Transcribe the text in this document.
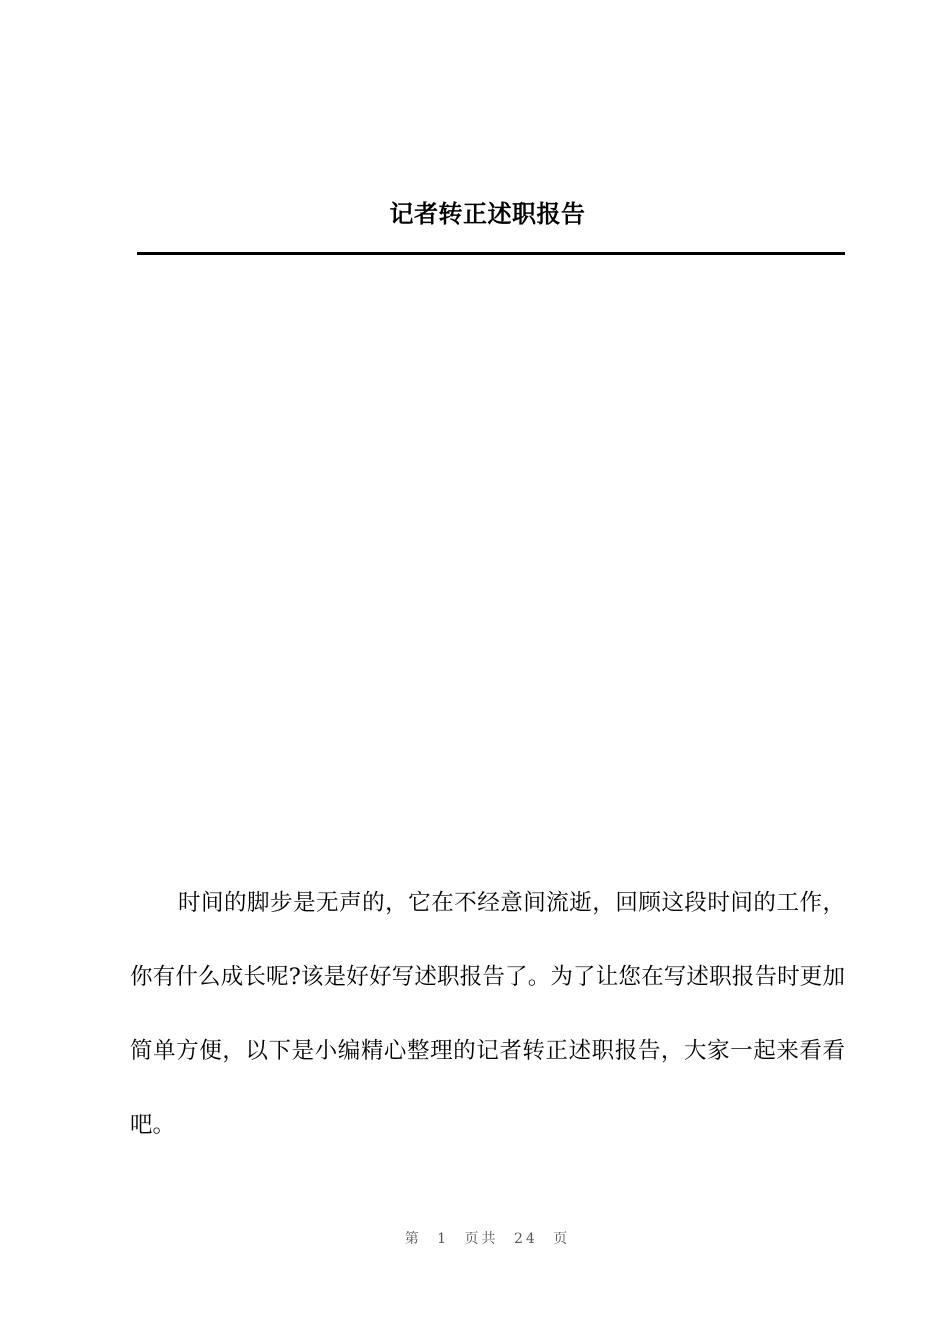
记者转正述职报告

时间的脚步是无声的，它在不经意间流逝，回顾这段时间的工作，你有什么成长呢?该是好好写述职报告了。为了让您在写述职报告时更加简单方便，以下是小编精心整理的记者转正述职报告，大家一起来看看吧。

第 1 页共 24 页
